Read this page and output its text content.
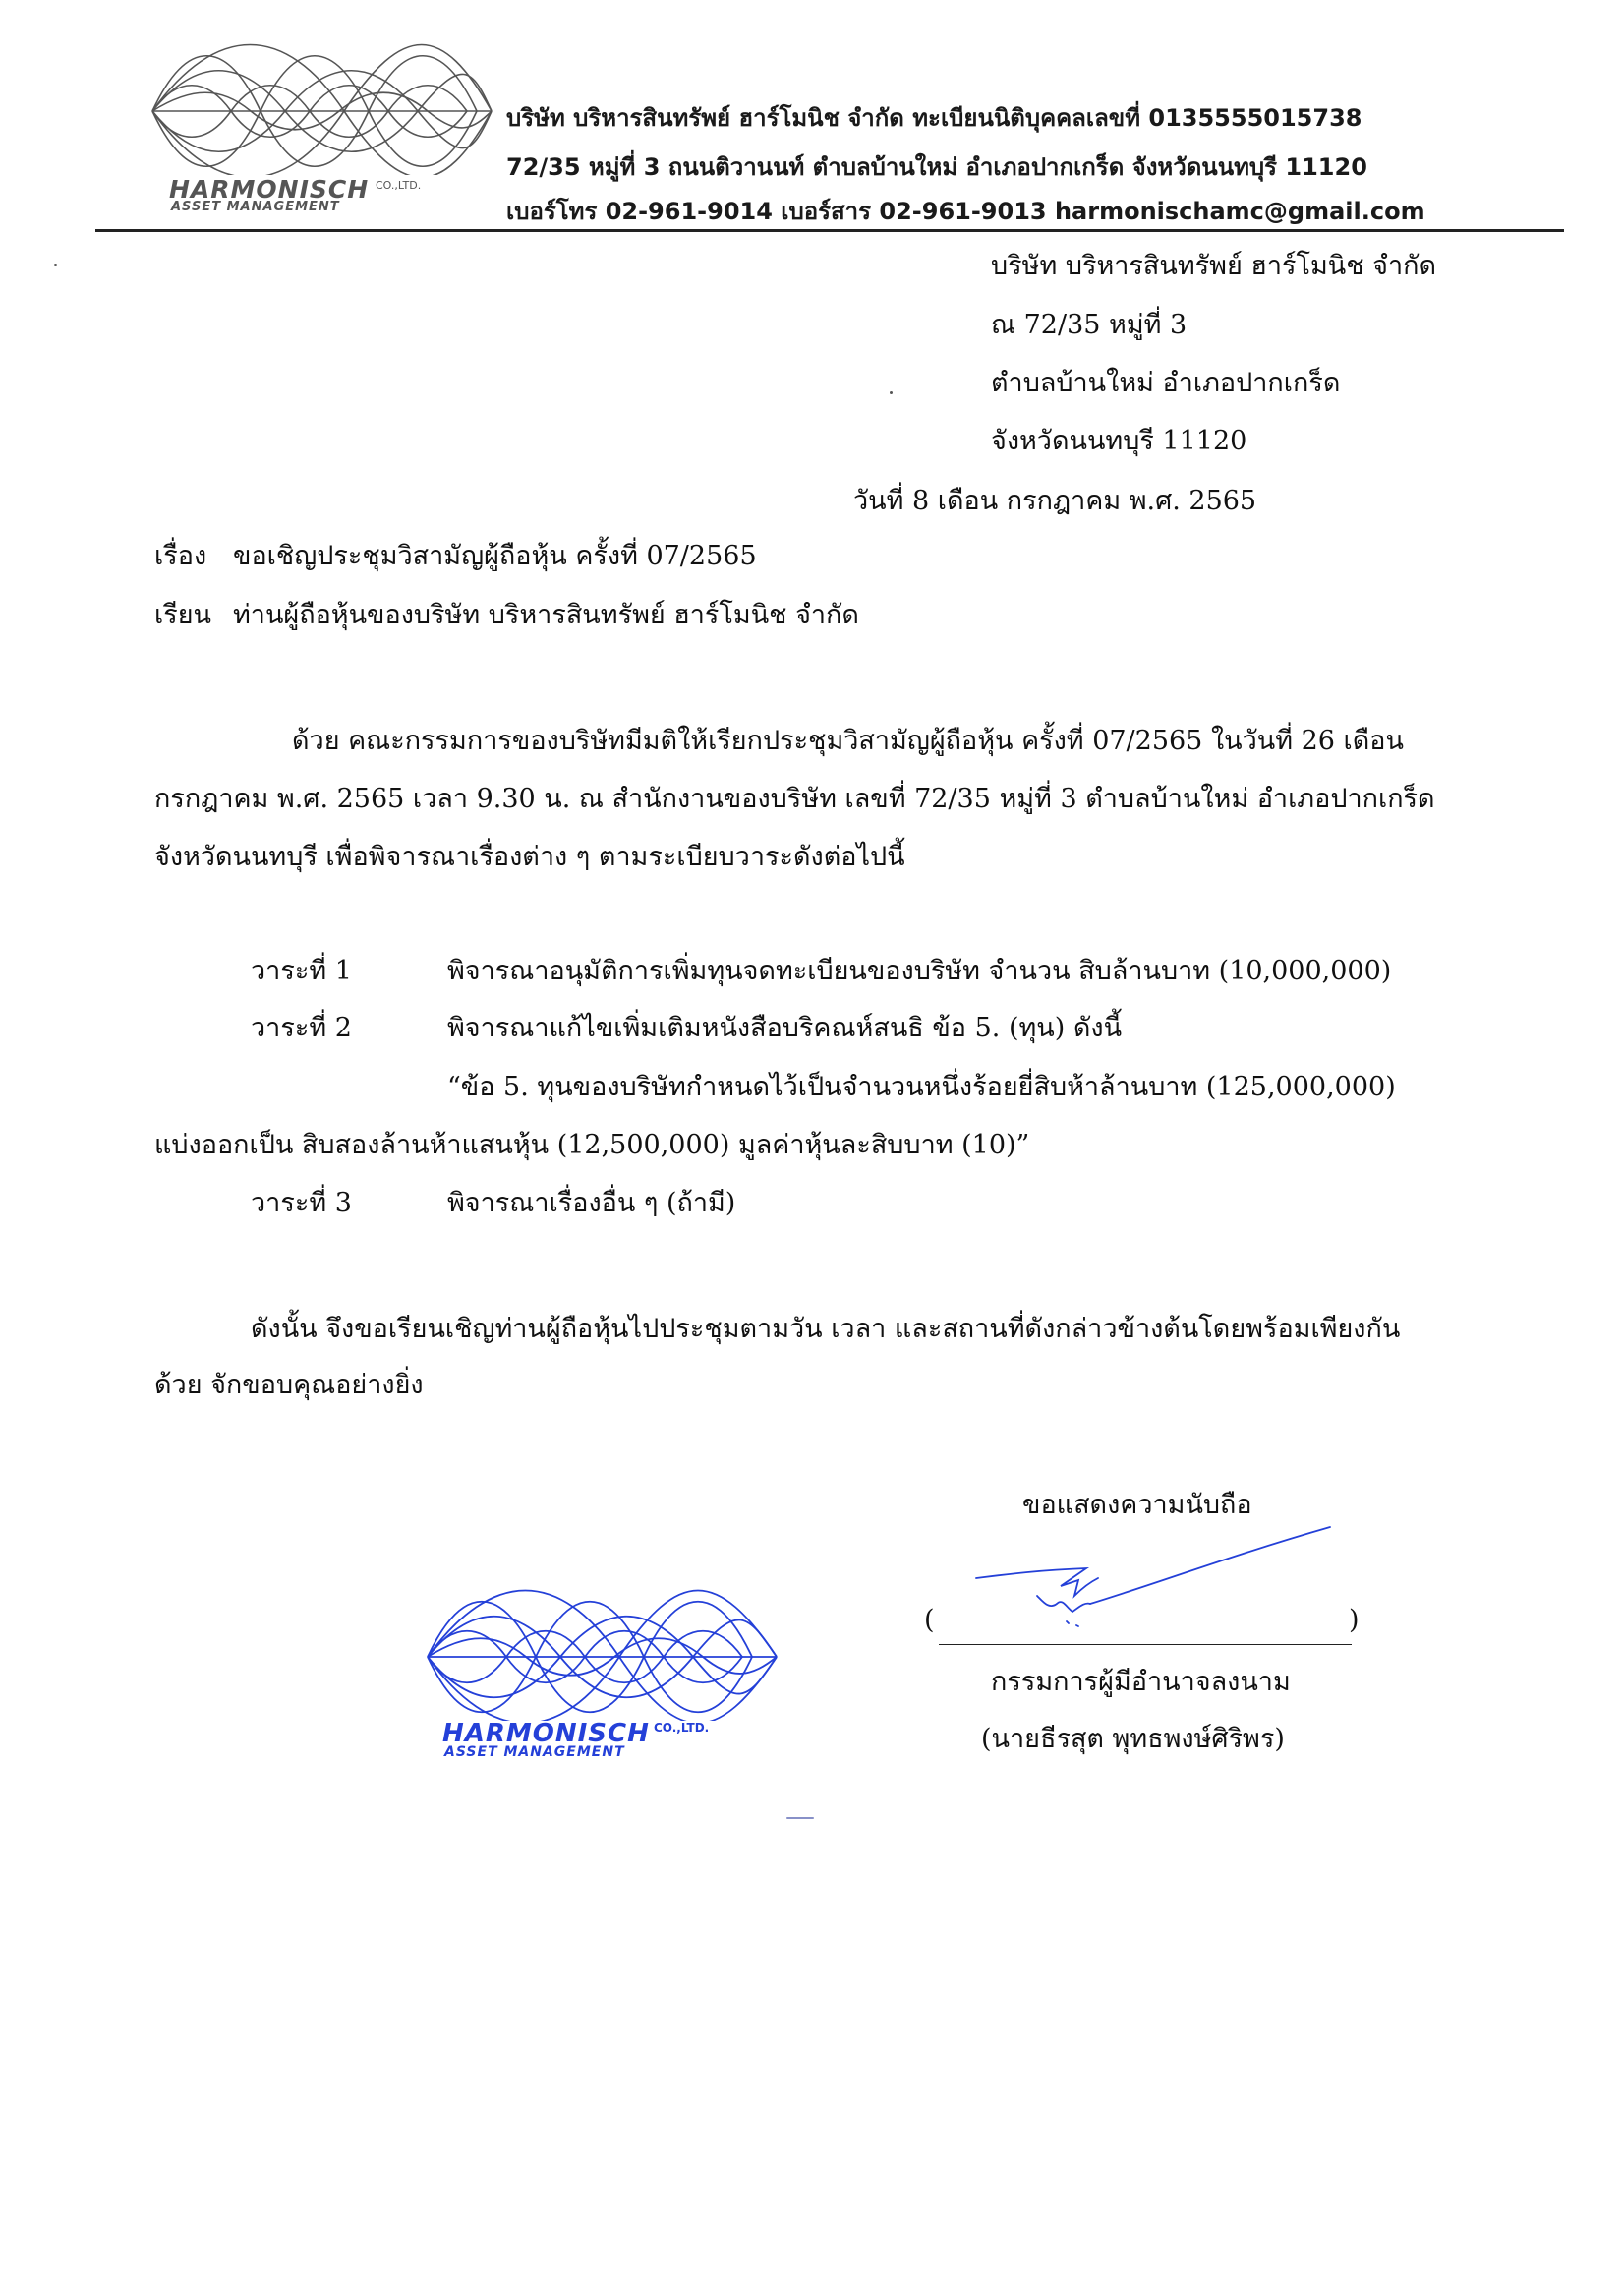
HARMONISCH CO.,LTD.
ASSET MANAGEMENT
บริษัท บริหารสินทรัพย์ ฮาร์โมนิช จำกัด ทะเบียนนิติบุคคลเลขที่ 0135555015738
72/35 หมู่ที่ 3 ถนนติวานนท์ ตำบลบ้านใหม่ อำเภอปากเกร็ด จังหวัดนนทบุรี 11120
เบอร์โทร 02-961-9014 เบอร์สาร 02-961-9013 harmonischamc@gmail.com
บริษัท บริหารสินทรัพย์ ฮาร์โมนิช จำกัด
ณ 72/35 หมู่ที่ 3
ตำบลบ้านใหม่ อำเภอปากเกร็ด
จังหวัดนนทบุรี 11120
วันที่ 8 เดือน กรกฎาคม พ.ศ. 2565
เรื่อง ขอเชิญประชุมวิสามัญผู้ถือหุ้น ครั้งที่ 07/2565
เรียน ท่านผู้ถือหุ้นของบริษัท บริหารสินทรัพย์ ฮาร์โมนิช จำกัด
ด้วย คณะกรรมการของบริษัทมีมติให้เรียกประชุมวิสามัญผู้ถือหุ้น ครั้งที่ 07/2565 ในวันที่ 26 เดือน
กรกฎาคม พ.ศ. 2565 เวลา 9.30 น. ณ สำนักงานของบริษัท เลขที่ 72/35 หมู่ที่ 3 ตำบลบ้านใหม่ อำเภอปากเกร็ด
จังหวัดนนทบุรี เพื่อพิจารณาเรื่องต่าง ๆ ตามระเบียบวาระดังต่อไปนี้
วาระที่ 1	พิจารณาอนุมัติการเพิ่มทุนจดทะเบียนของบริษัท จำนวน สิบล้านบาท (10,000,000)
วาระที่ 2	พิจารณาแก้ไขเพิ่มเติมหนังสือบริคณห์สนธิ ข้อ 5. (ทุน) ดังนี้
“ข้อ 5. ทุนของบริษัทกำหนดไว้เป็นจำนวนหนึ่งร้อยยี่สิบห้าล้านบาท (125,000,000)
แบ่งออกเป็น สิบสองล้านห้าแสนหุ้น (12,500,000) มูลค่าหุ้นละสิบบาท (10)”
วาระที่ 3	พิจารณาเรื่องอื่น ๆ (ถ้ามี)
ดังนั้น จึงขอเรียนเชิญท่านผู้ถือหุ้นไปประชุมตามวัน เวลา และสถานที่ดังกล่าวข้างต้นโดยพร้อมเพียงกัน
ด้วย จักขอบคุณอย่างยิ่ง
ขอแสดงความนับถือ
(	)
กรรมการผู้มีอำนาจลงนาม
(นายธีรสุต พุทธพงษ์ศิริพร)
HARMONISCH CO.,LTD.
ASSET MANAGEMENT
